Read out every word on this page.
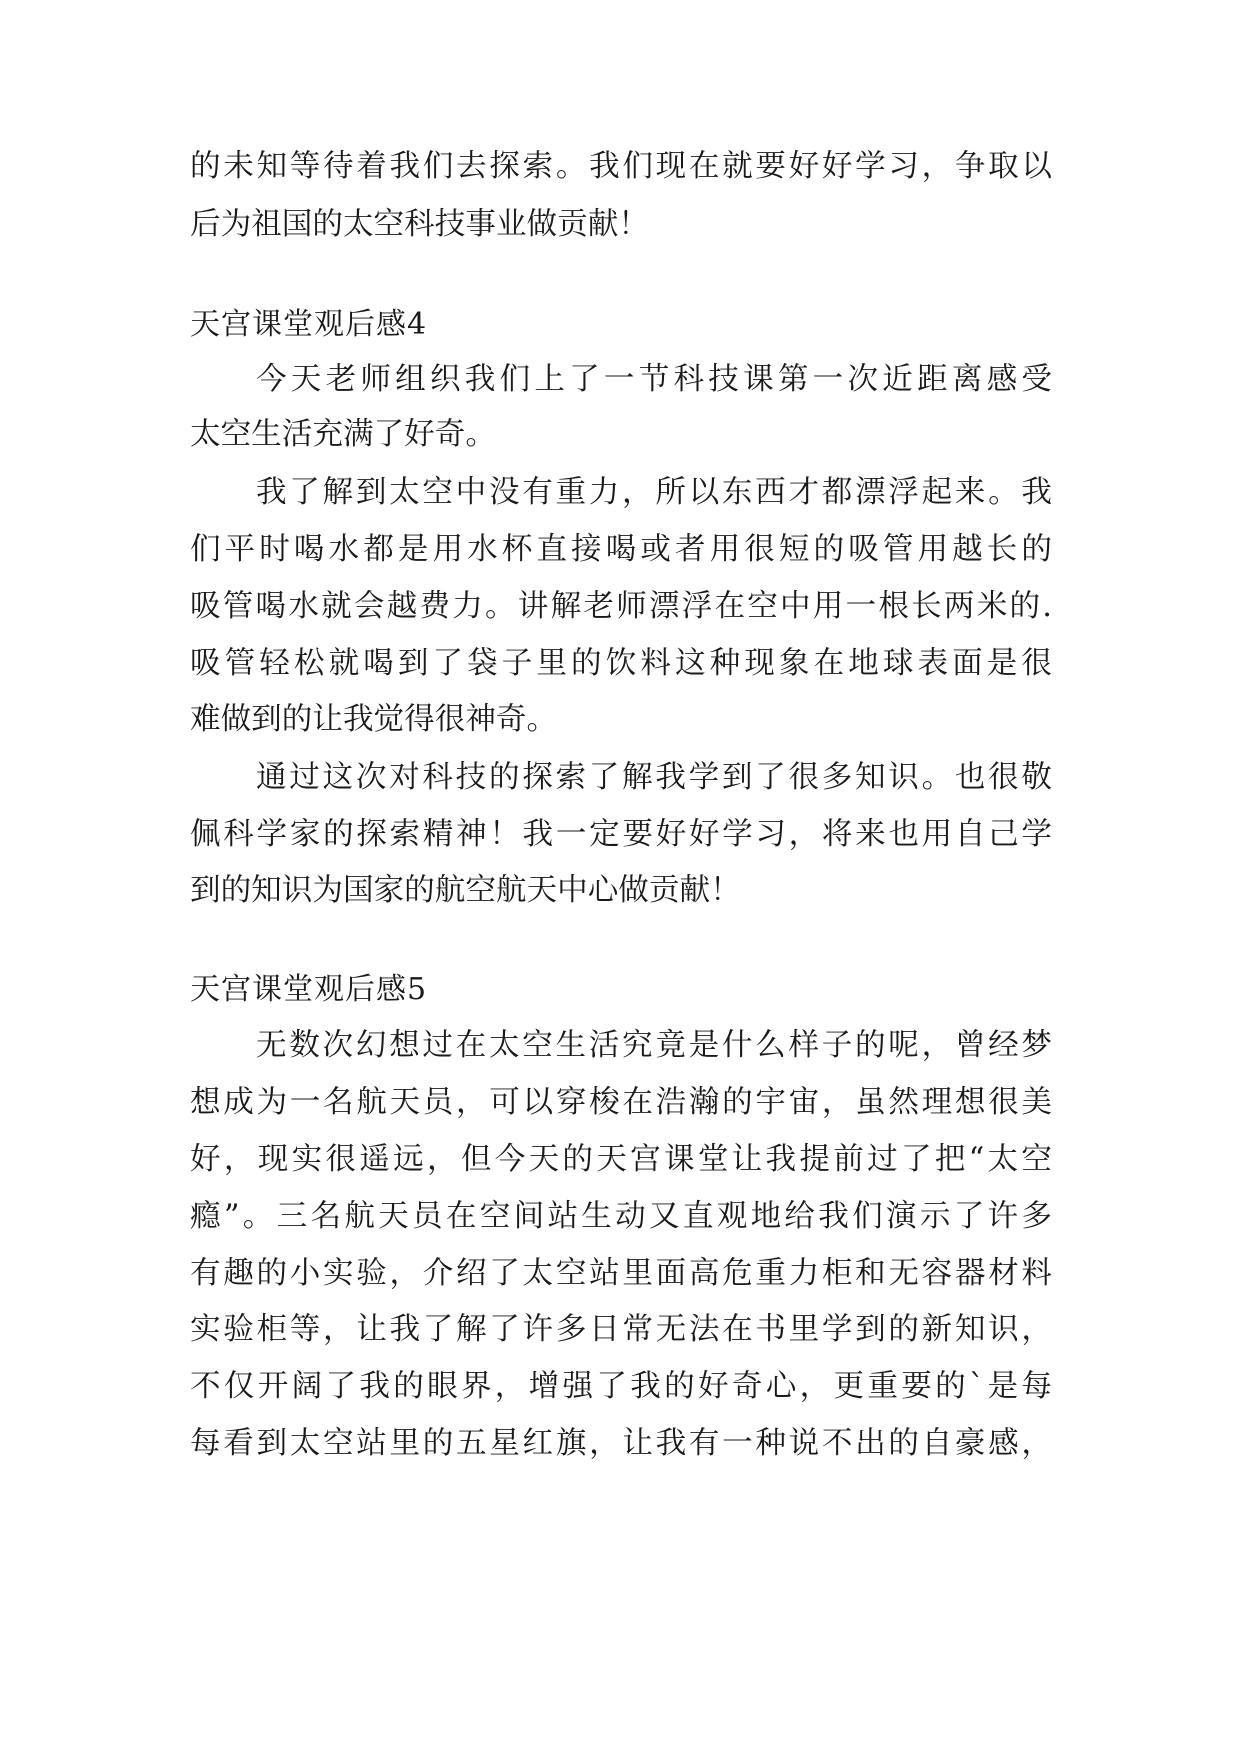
的未知等待着我们去探索。我们现在就要好好学习，争取以
后为祖国的太空科技事业做贡献！
天宫课堂观后感4
今天老师组织我们上了一节科技课第一次近距离感受
太空生活充满了好奇。
我了解到太空中没有重力，所以东西才都漂浮起来。我
们平时喝水都是用水杯直接喝或者用很短的吸管用越长的
吸管喝水就会越费力。讲解老师漂浮在空中用一根长两米的.
吸管轻松就喝到了袋子里的饮料这种现象在地球表面是很
难做到的让我觉得很神奇。
通过这次对科技的探索了解我学到了很多知识。也很敬
佩科学家的探索精神！我一定要好好学习，将来也用自己学
到的知识为国家的航空航天中心做贡献！
天宫课堂观后感5
无数次幻想过在太空生活究竟是什么样子的呢，曾经梦
想成为一名航天员，可以穿梭在浩瀚的宇宙，虽然理想很美
好，现实很遥远，但今天的天宫课堂让我提前过了把“太空
瘾”。三名航天员在空间站生动又直观地给我们演示了许多
有趣的小实验，介绍了太空站里面高危重力柜和无容器材料
实验柜等，让我了解了许多日常无法在书里学到的新知识，
不仅开阔了我的眼界，增强了我的好奇心，更重要的`是每
每看到太空站里的五星红旗，让我有一种说不出的自豪感，
